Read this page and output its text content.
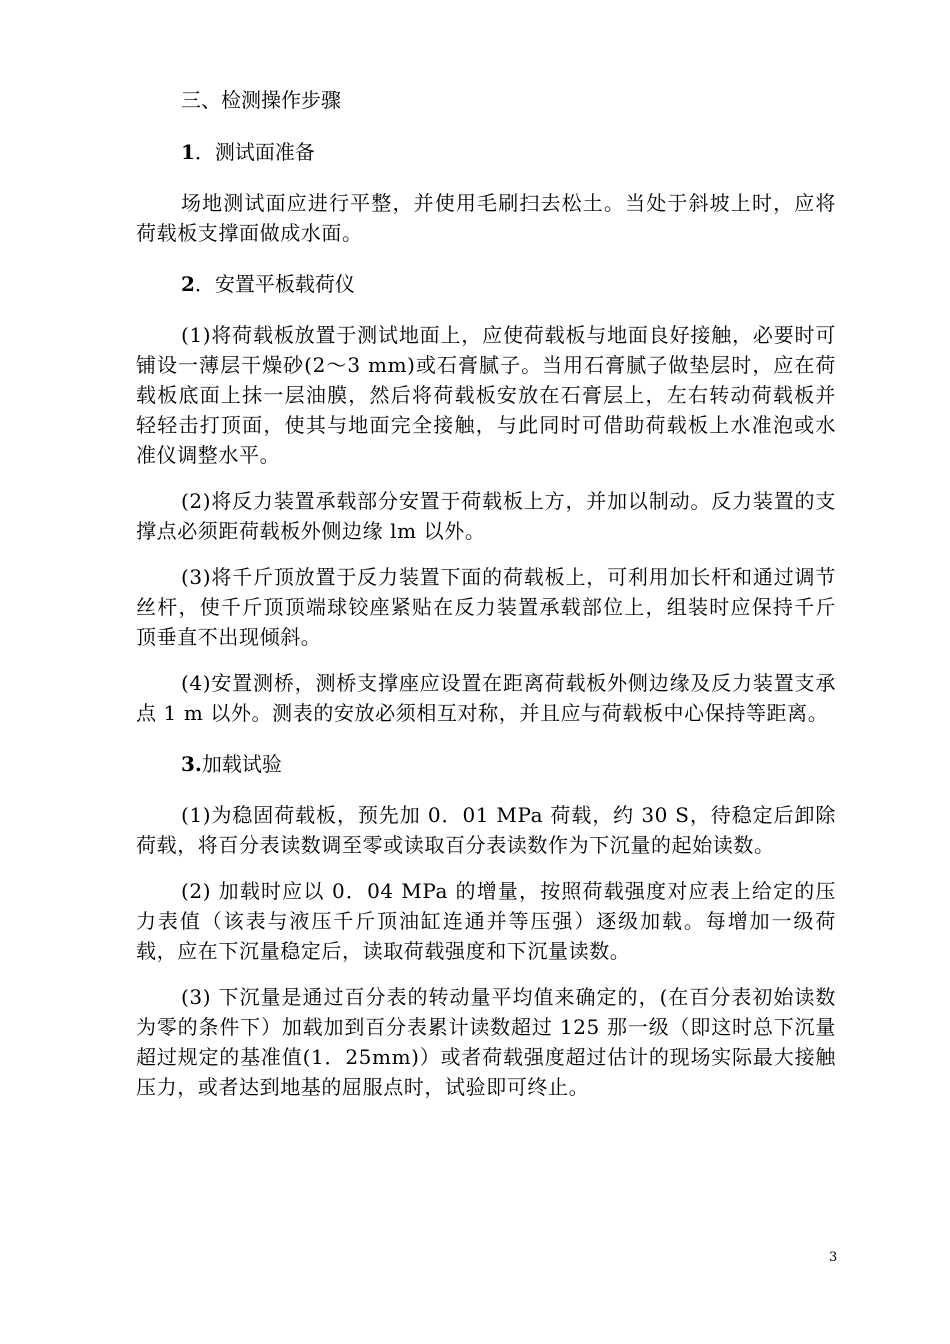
三、检测操作步骤

1．测试面准备

场地测试面应进行平整，并使用毛刷扫去松土。当处于斜坡上时，应将荷载板支撑面做成水面。

2．安置平板载荷仪

(1)将荷载板放置于测试地面上，应使荷载板与地面良好接触，必要时可铺设一薄层干燥砂(2～3 mm)或石膏腻子。当用石膏腻子做垫层时，应在荷载板底面上抹一层油膜，然后将荷载板安放在石膏层上，左右转动荷载板并轻轻击打顶面，使其与地面完全接触，与此同时可借助荷载板上水准泡或水准仪调整水平。

(2)将反力装置承载部分安置于荷载板上方，并加以制动。反力装置的支撑点必须距荷载板外侧边缘 lm 以外。

(3)将千斤顶放置于反力装置下面的荷载板上，可利用加长杆和通过调节丝杆，使千斤顶顶端球铰座紧贴在反力装置承载部位上，组装时应保持千斤顶垂直不出现倾斜。

(4)安置测桥，测桥支撑座应设置在距离荷载板外侧边缘及反力装置支承点 1 m 以外。测表的安放必须相互对称，并且应与荷载板中心保持等距离。

3.加载试验

(1)为稳固荷载板，预先加 0．01 MPa 荷载，约 30 S，待稳定后卸除荷载，将百分表读数调至零或读取百分表读数作为下沉量的起始读数。

(2) 加载时应以 0．04 MPa 的增量，按照荷载强度对应表上给定的压力表值（该表与液压千斤顶油缸连通并等压强）逐级加载。每增加一级荷载，应在下沉量稳定后，读取荷载强度和下沉量读数。

(3) 下沉量是通过百分表的转动量平均值来确定的，(在百分表初始读数为零的条件下）加载加到百分表累计读数超过 125 那一级（即这时总下沉量超过规定的基准值(1．25mm)）或者荷载强度超过估计的现场实际最大接触压力，或者达到地基的屈服点时，试验即可终止。

3
